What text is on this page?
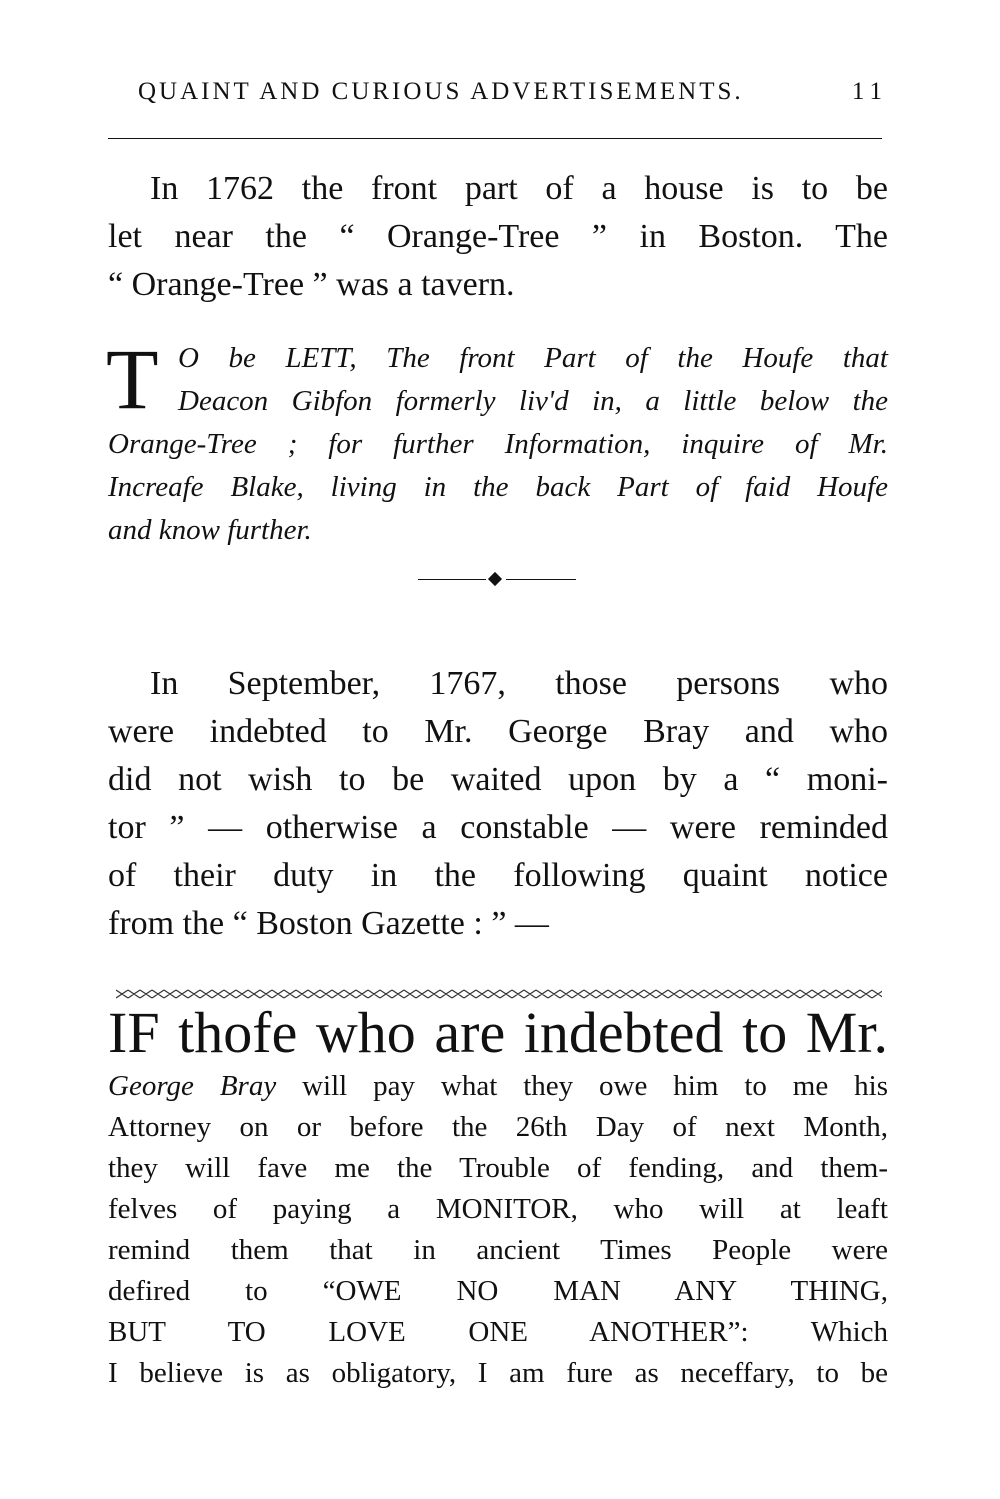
QUAINT AND CURIOUS ADVERTISEMENTS.	11
In 1762 the front part of a house is to be
let near the “ Orange-Tree ” in Boston. The
“ Orange-Tree ” was a tavern.
T O be LETT, The front Part of the Houfe that
Deacon Gibfon formerly liv'd in, a little below the
Orange-Tree ; for further Information, inquire of Mr.
Increafe Blake, living in the back Part of faid Houfe
and know further.
In September, 1767, those persons who
were indebted to Mr. George Bray and who
did not wish to be waited upon by a “ moni-
tor ” — otherwise a constable — were reminded
of their duty in the following quaint notice
from the “ Boston Gazette : ” —
IF thofe who are indebted to Mr.
George Bray will pay what they owe him to me his
Attorney on or before the 26th Day of next Month,
they will fave me the Trouble of fending, and them-
felves of paying a MONITOR, who will at leaft
remind them that in ancient Times People were
defired to “OWE NO MAN ANY THING,
BUT TO LOVE ONE ANOTHER”: Which
I believe is as obligatory, I am fure as neceffary, to be
